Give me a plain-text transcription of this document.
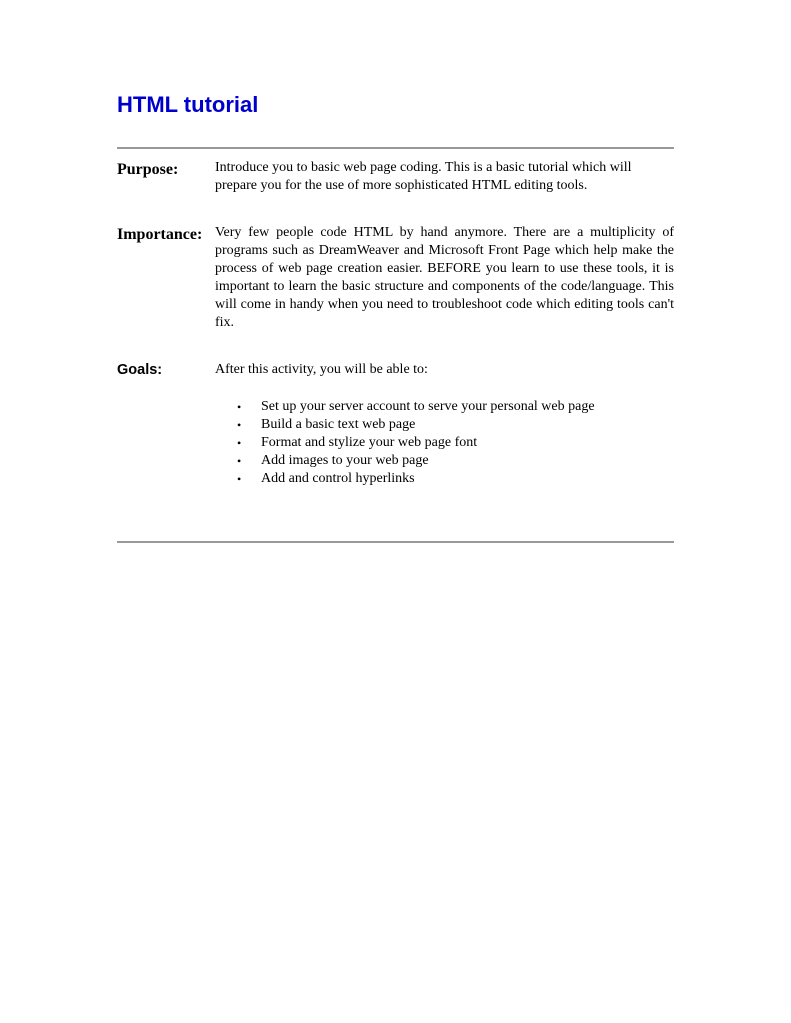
HTML tutorial
Purpose:	Introduce you to basic web page coding. This is a basic tutorial which will prepare you for the use of more sophisticated HTML editing tools.

Importance: Very few people code HTML by hand anymore. There are a multiplicity of programs such as DreamWeaver and Microsoft Front Page which help make the process of web page creation easier. BEFORE you learn to use these tools, it is important to learn the basic structure and components of the code/language. This will come in handy when you need to troubleshoot code which editing tools can't fix.

Goals:	After this activity, you will be able to:

• Set up your server account to serve your personal web page
• Build a basic text web page
• Format and stylize your web page font
• Add images to your web page
• Add and control hyperlinks
